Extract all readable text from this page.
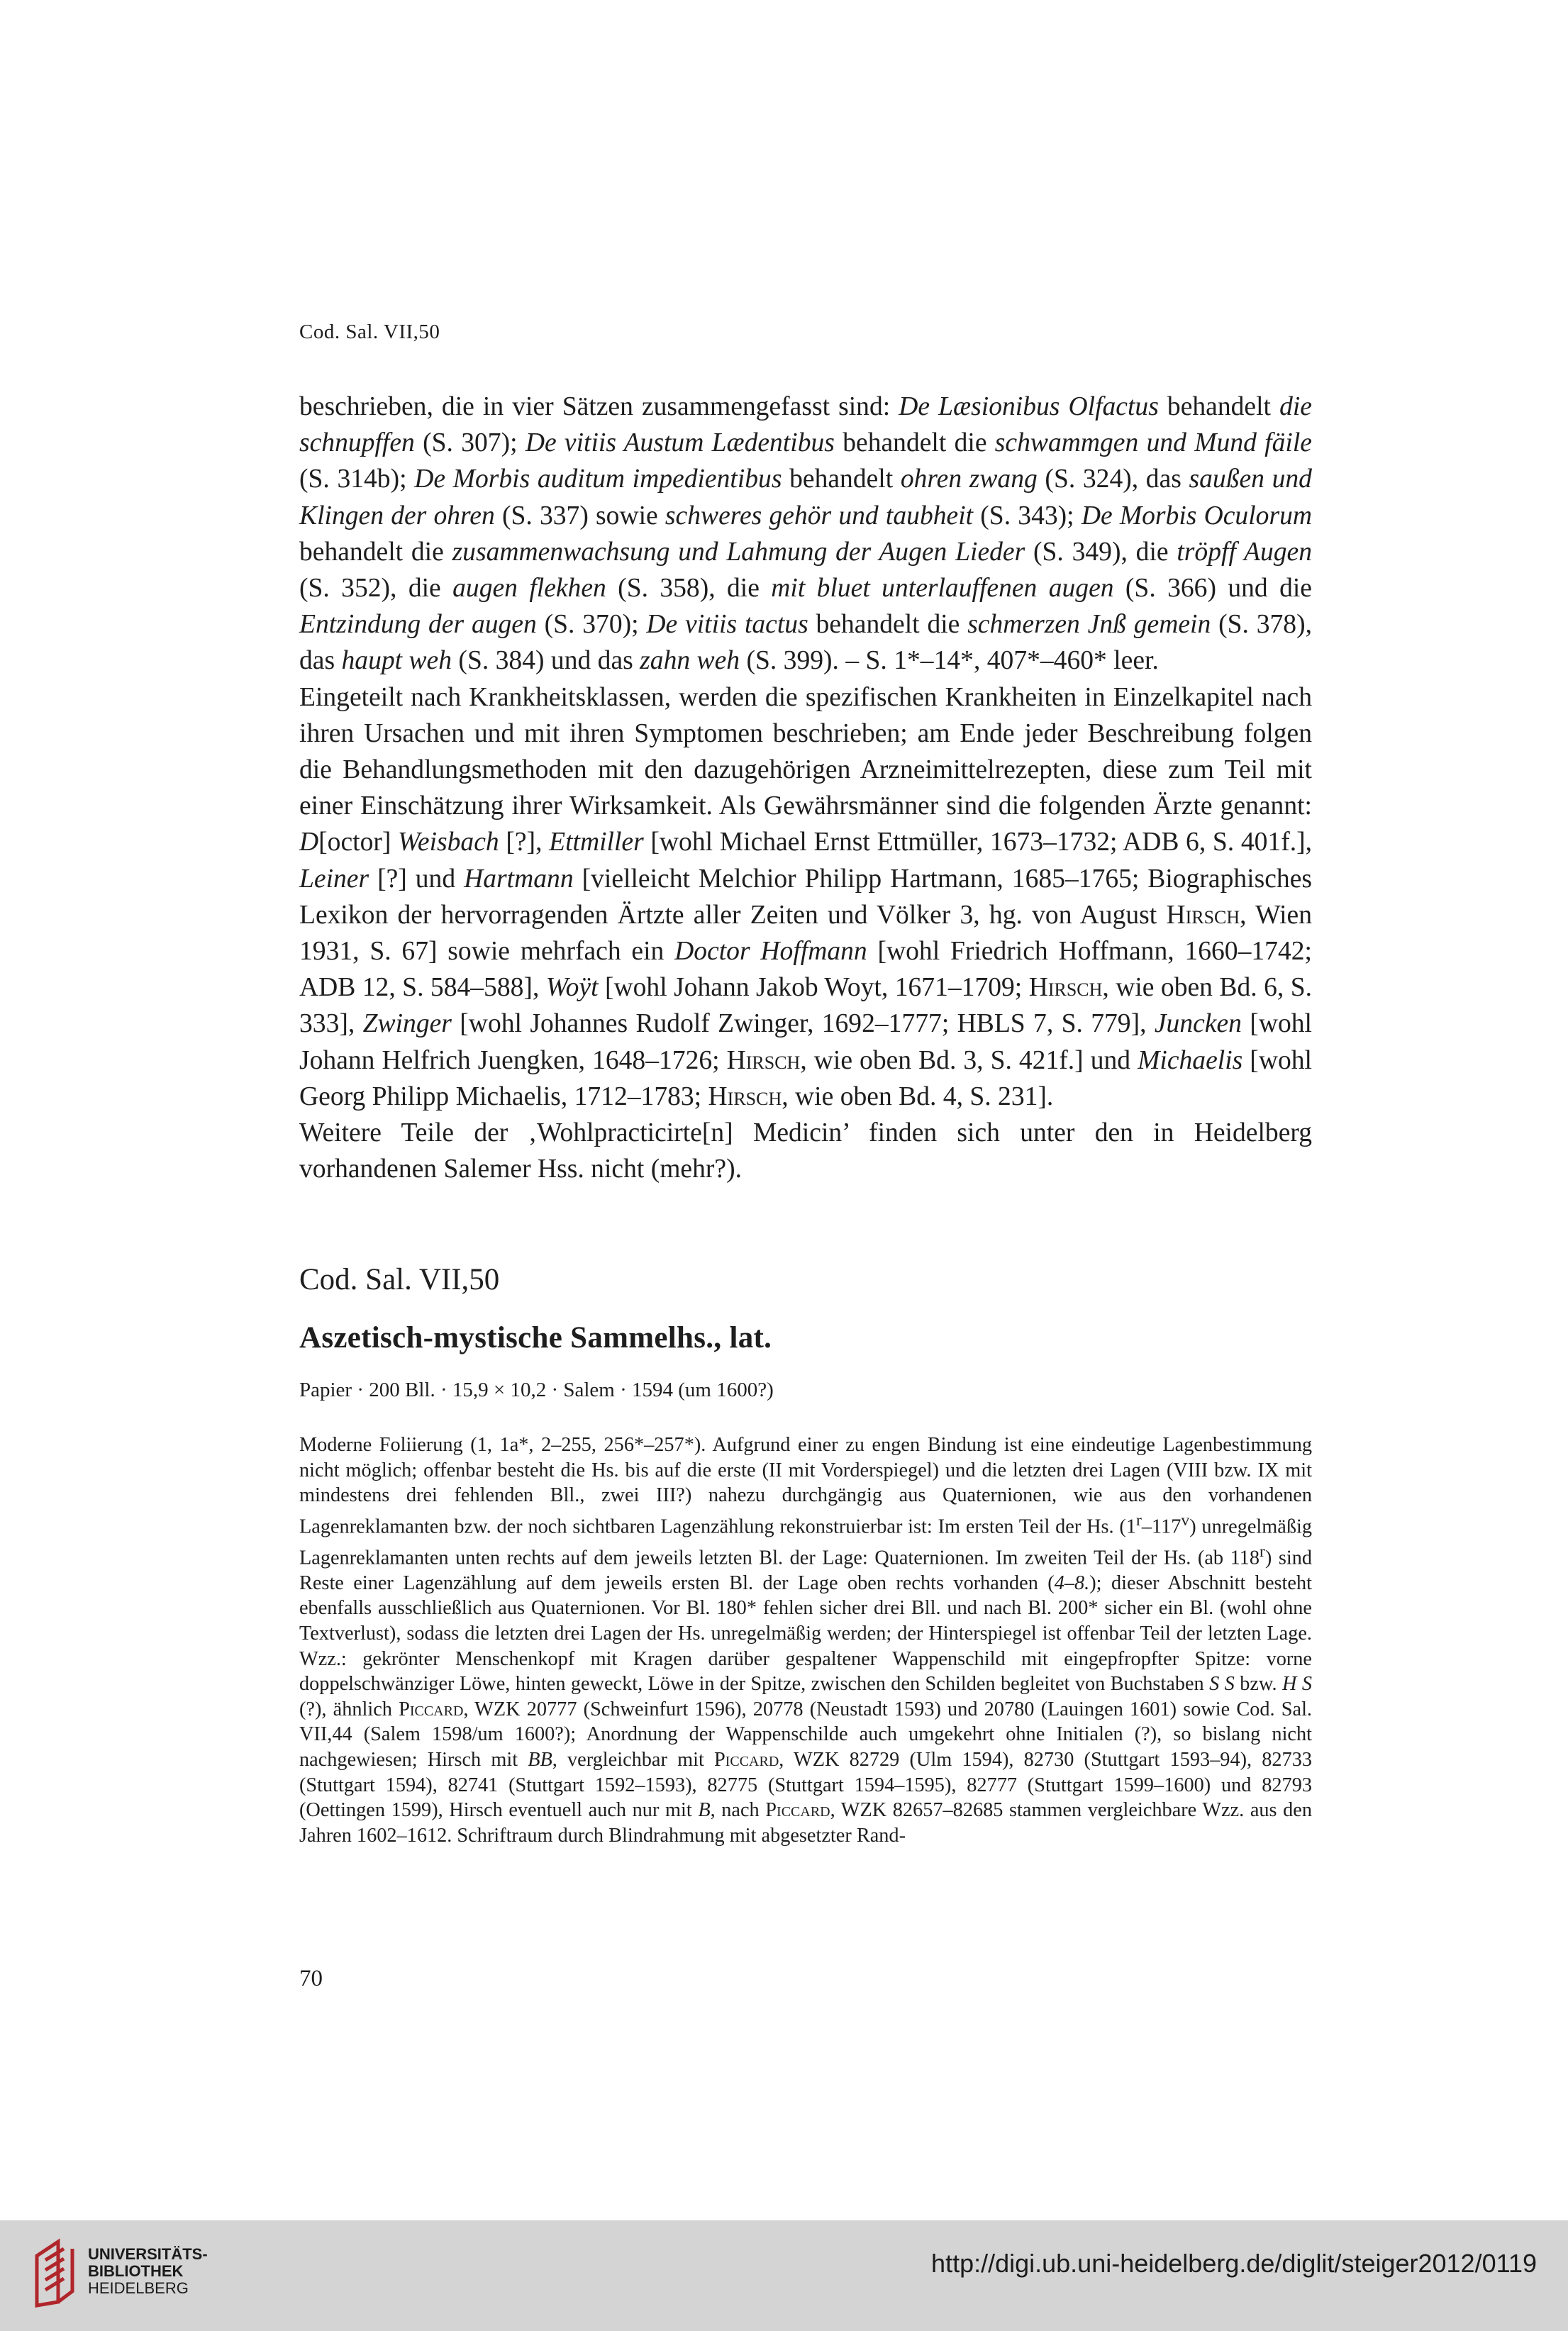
Cod. Sal. VII,50

beschrieben, die in vier Sätzen zusammengefasst sind: De Læsionibus Olfactus behandelt die schnupffen (S. 307); De vitiis Austum Lædentibus behandelt die schwammgen und Mund fäile (S. 314b); De Morbis auditum impedientibus behandelt ohren zwang (S. 324), das saußen und Klingen der ohren (S. 337) sowie schweres gehör und taubheit (S. 343); De Morbis Oculorum behandelt die zusammenwachsung und Lahmung der Augen Lieder (S. 349), die tröpff Augen (S. 352), die augen flekhen (S. 358), die mit bluet unterlauffenen augen (S. 366) und die Entzindung der augen (S. 370); De vitiis tactus behandelt die schmerzen Jnß gemein (S. 378), das haupt weh (S. 384) und das zahn weh (S. 399). – S. 1*–14*, 407*–460* leer.

Eingeteilt nach Krankheitsklassen, werden die spezifischen Krankheiten in Einzelkapitel nach ihren Ursachen und mit ihren Symptomen beschrieben; am Ende jeder Beschreibung folgen die Behandlungsmethoden mit den dazugehörigen Arzneimittelrezepten, diese zum Teil mit einer Einschätzung ihrer Wirksamkeit. Als Gewährsmänner sind die folgenden Ärzte genannt: D[octor] Weisbach [?], Ettmiller [wohl Michael Ernst Ettmüller, 1673–1732; ADB 6, S. 401f.], Leiner [?] und Hartmann [vielleicht Melchior Philipp Hartmann, 1685–1765; Biographisches Lexikon der hervorragenden Ärtzte aller Zeiten und Völker 3, hg. von August Hirsch, Wien 1931, S. 67] sowie mehrfach ein Doctor Hoffmann [wohl Friedrich Hoffmann, 1660–1742; ADB 12, S. 584–588], Woÿt [wohl Johann Jakob Woyt, 1671–1709; Hirsch, wie oben Bd. 6, S. 333], Zwinger [wohl Johannes Rudolf Zwinger, 1692–1777; HBLS 7, S. 779], Juncken [wohl Johann Helfrich Juengken, 1648–1726; Hirsch, wie oben Bd. 3, S. 421f.] und Michaelis [wohl Georg Philipp Michaelis, 1712–1783; Hirsch, wie oben Bd. 4, S. 231].

Weitere Teile der ‚Wohlpracticirte[n] Medicin’ finden sich unter den in Heidelberg vorhandenen Salemer Hss. nicht (mehr?).

Cod. Sal. VII,50
Aszetisch-mystische Sammelhs., lat.
Papier · 200 Bll. · 15,9 × 10,2 · Salem · 1594 (um 1600?)

Moderne Foliierung (1, 1a*, 2–255, 256*–257*). Aufgrund einer zu engen Bindung ist eine eindeutige Lagenbestimmung nicht möglich; offenbar besteht die Hs. bis auf die erste (II mit Vorderspiegel) und die letzten drei Lagen (VIII bzw. IX mit mindestens drei fehlenden Bll., zwei III?) nahezu durchgängig aus Quaternionen, wie aus den vorhandenen Lagenreklamanten bzw. der noch sichtbaren Lagenzählung rekonstruierbar ist: Im ersten Teil der Hs. (1$^r$–117$^v$) unregelmäßig Lagenreklamanten unten rechts auf dem jeweils letzten Bl. der Lage: Quaternionen. Im zweiten Teil der Hs. (ab 118$^r$) sind Reste einer Lagenzählung auf dem jeweils ersten Bl. der Lage oben rechts vorhanden (4–8.); dieser Abschnitt besteht ebenfalls ausschließlich aus Quaternionen. Vor Bl. 180* fehlen sicher drei Bll. und nach Bl. 200* sicher ein Bl. (wohl ohne Textverlust), sodass die letzten drei Lagen der Hs. unregelmäßig werden; der Hinterspiegel ist offenbar Teil der letzten Lage. Wzz.: gekrönter Menschenkopf mit Kragen darüber gespaltener Wappenschild mit eingepfropfter Spitze: vorne doppelschwänziger Löwe, hinten geweckt, Löwe in der Spitze, zwischen den Schilden begleitet von Buchstaben S S bzw. H S (?), ähnlich Piccard, WZK 20777 (Schweinfurt 1596), 20778 (Neustadt 1593) und 20780 (Lauingen 1601) sowie Cod. Sal. VII,44 (Salem 1598/um 1600?); Anordnung der Wappenschilde auch umgekehrt ohne Initialen (?), so bislang nicht nachgewiesen; Hirsch mit BB, vergleichbar mit Piccard, WZK 82729 (Ulm 1594), 82730 (Stuttgart 1593–94), 82733 (Stuttgart 1594), 82741 (Stuttgart 1592–1593), 82775 (Stuttgart 1594–1595), 82777 (Stuttgart 1599–1600) und 82793 (Oettingen 1599), Hirsch eventuell auch nur mit B, nach Piccard, WZK 82657–82685 stammen vergleichbare Wzz. aus den Jahren 1602–1612. Schriftraum durch Blindrahmung mit abgesetzter Rand-

70
UNIVERSITÄTS-
BIBLIOTHEK
HEIDELBERG
http://digi.ub.uni-heidelberg.de/diglit/steiger2012/0119
